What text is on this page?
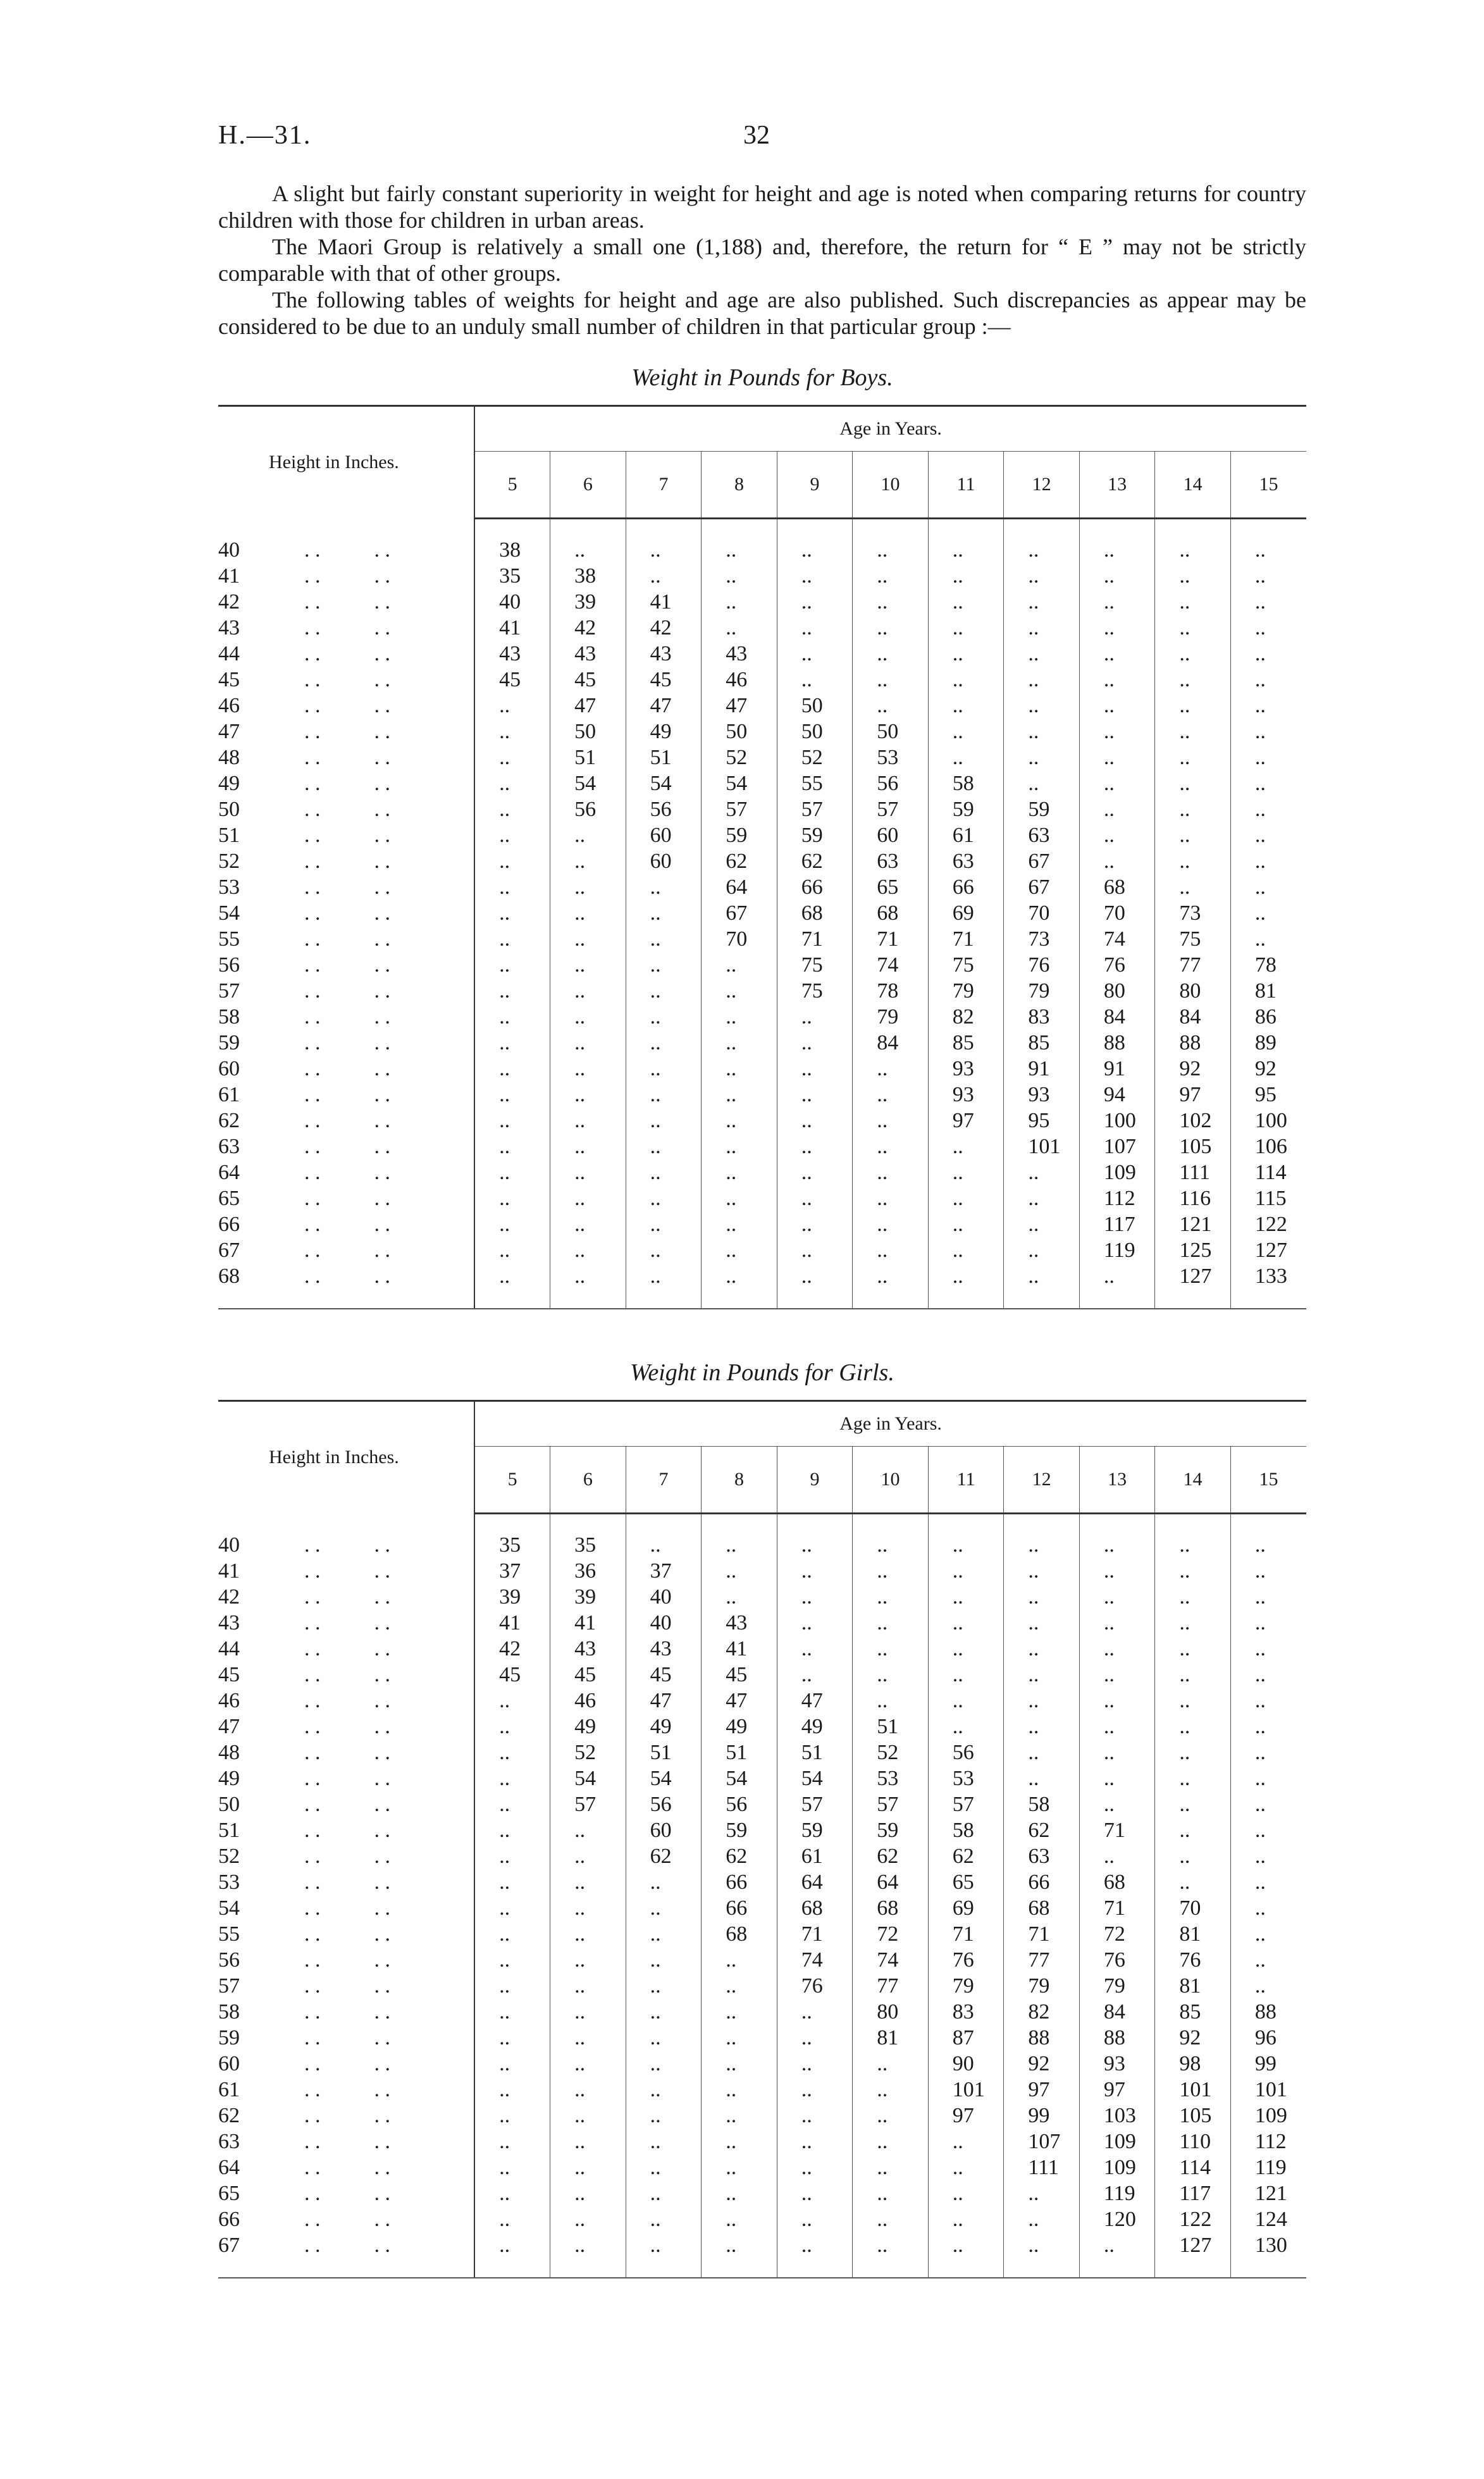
H.—31.	32

A slight but fairly constant superiority in weight for height and age is noted when comparing returns for country children with those for children in urban areas.

The Maori Group is relatively a small one (1,188) and, therefore, the return for “ E ” may not be strictly comparable with that of other groups.

The following tables of weights for height and age are also published. Such discrepancies as appear may be considered to be due to an unduly small number of children in that particular group :—

Weight in Pounds for Boys.
Height in Inches.	Age in Years.										
	5	6	7	8	9	10	11	12	13	14	15

40            . .          . .	38	..	..	..	..	..	..	..	..	..	..
41            . .          . .	35	38	..	..	..	..	..	..	..	..	..
42            . .          . .	40	39	41	..	..	..	..	..	..	..	..
43            . .          . .	41	42	42	..	..	..	..	..	..	..	..
44            . .          . .	43	43	43	43	..	..	..	..	..	..	..
45            . .          . .	45	45	45	46	..	..	..	..	..	..	..
46            . .          . .	..	47	47	47	50	..	..	..	..	..	..
47            . .          . .	..	50	49	50	50	50	..	..	..	..	..
48            . .          . .	..	51	51	52	52	53	..	..	..	..	..
49            . .          . .	..	54	54	54	55	56	58	..	..	..	..
50            . .          . .	..	56	56	57	57	57	59	59	..	..	..
51            . .          . .	..	..	60	59	59	60	61	63	..	..	..
52            . .          . .	..	..	60	62	62	63	63	67	..	..	..
53            . .          . .	..	..	..	64	66	65	66	67	68	..	..
54            . .          . .	..	..	..	67	68	68	69	70	70	73	..
55            . .          . .	..	..	..	70	71	71	71	73	74	75	..
56            . .          . .	..	..	..	..	75	74	75	76	76	77	78
57            . .          . .	..	..	..	..	75	78	79	79	80	80	81
58            . .          . .	..	..	..	..	..	79	82	83	84	84	86
59            . .          . .	..	..	..	..	..	84	85	85	88	88	89
60            . .          . .	..	..	..	..	..	..	93	91	91	92	92
61            . .          . .	..	..	..	..	..	..	93	93	94	97	95
62            . .          . .	..	..	..	..	..	..	97	95	100	102	100
63            . .          . .	..	..	..	..	..	..	..	101	107	105	106
64            . .          . .	..	..	..	..	..	..	..	..	109	111	114
65            . .          . .	..	..	..	..	..	..	..	..	112	116	115
66            . .          . .	..	..	..	..	..	..	..	..	117	121	122
67            . .          . .	..	..	..	..	..	..	..	..	119	125	127
68            . .          . .	..	..	..	..	..	..	..	..	..	127	133

Weight in Pounds for Girls.
Height in Inches.	Age in Years.										
	5	6	7	8	9	10	11	12	13	14	15

40            . .          . .	35	35	..	..	..	..	..	..	..	..	..
41            . .          . .	37	36	37	..	..	..	..	..	..	..	..
42            . .          . .	39	39	40	..	..	..	..	..	..	..	..
43            . .          . .	41	41	40	43	..	..	..	..	..	..	..
44            . .          . .	42	43	43	41	..	..	..	..	..	..	..
45            . .          . .	45	45	45	45	..	..	..	..	..	..	..
46            . .          . .	..	46	47	47	47	..	..	..	..	..	..
47            . .          . .	..	49	49	49	49	51	..	..	..	..	..
48            . .          . .	..	52	51	51	51	52	56	..	..	..	..
49            . .          . .	..	54	54	54	54	53	53	..	..	..	..
50            . .          . .	..	57	56	56	57	57	57	58	..	..	..
51            . .          . .	..	..	60	59	59	59	58	62	71	..	..
52            . .          . .	..	..	62	62	61	62	62	63	..	..	..
53            . .          . .	..	..	..	66	64	64	65	66	68	..	..
54            . .          . .	..	..	..	66	68	68	69	68	71	70	..
55            . .          . .	..	..	..	68	71	72	71	71	72	81	..
56            . .          . .	..	..	..	..	74	74	76	77	76	76	..
57            . .          . .	..	..	..	..	76	77	79	79	79	81	..
58            . .          . .	..	..	..	..	..	80	83	82	84	85	88
59            . .          . .	..	..	..	..	..	81	87	88	88	92	96
60            . .          . .	..	..	..	..	..	..	90	92	93	98	99
61            . .          . .	..	..	..	..	..	..	101	97	97	101	101
62            . .          . .	..	..	..	..	..	..	97	99	103	105	109
63            . .          . .	..	..	..	..	..	..	..	107	109	110	112
64            . .          . .	..	..	..	..	..	..	..	111	109	114	119
65            . .          . .	..	..	..	..	..	..	..	..	119	117	121
66            . .          . .	..	..	..	..	..	..	..	..	120	122	124
67            . .          . .	..	..	..	..	..	..	..	..	..	127	130
